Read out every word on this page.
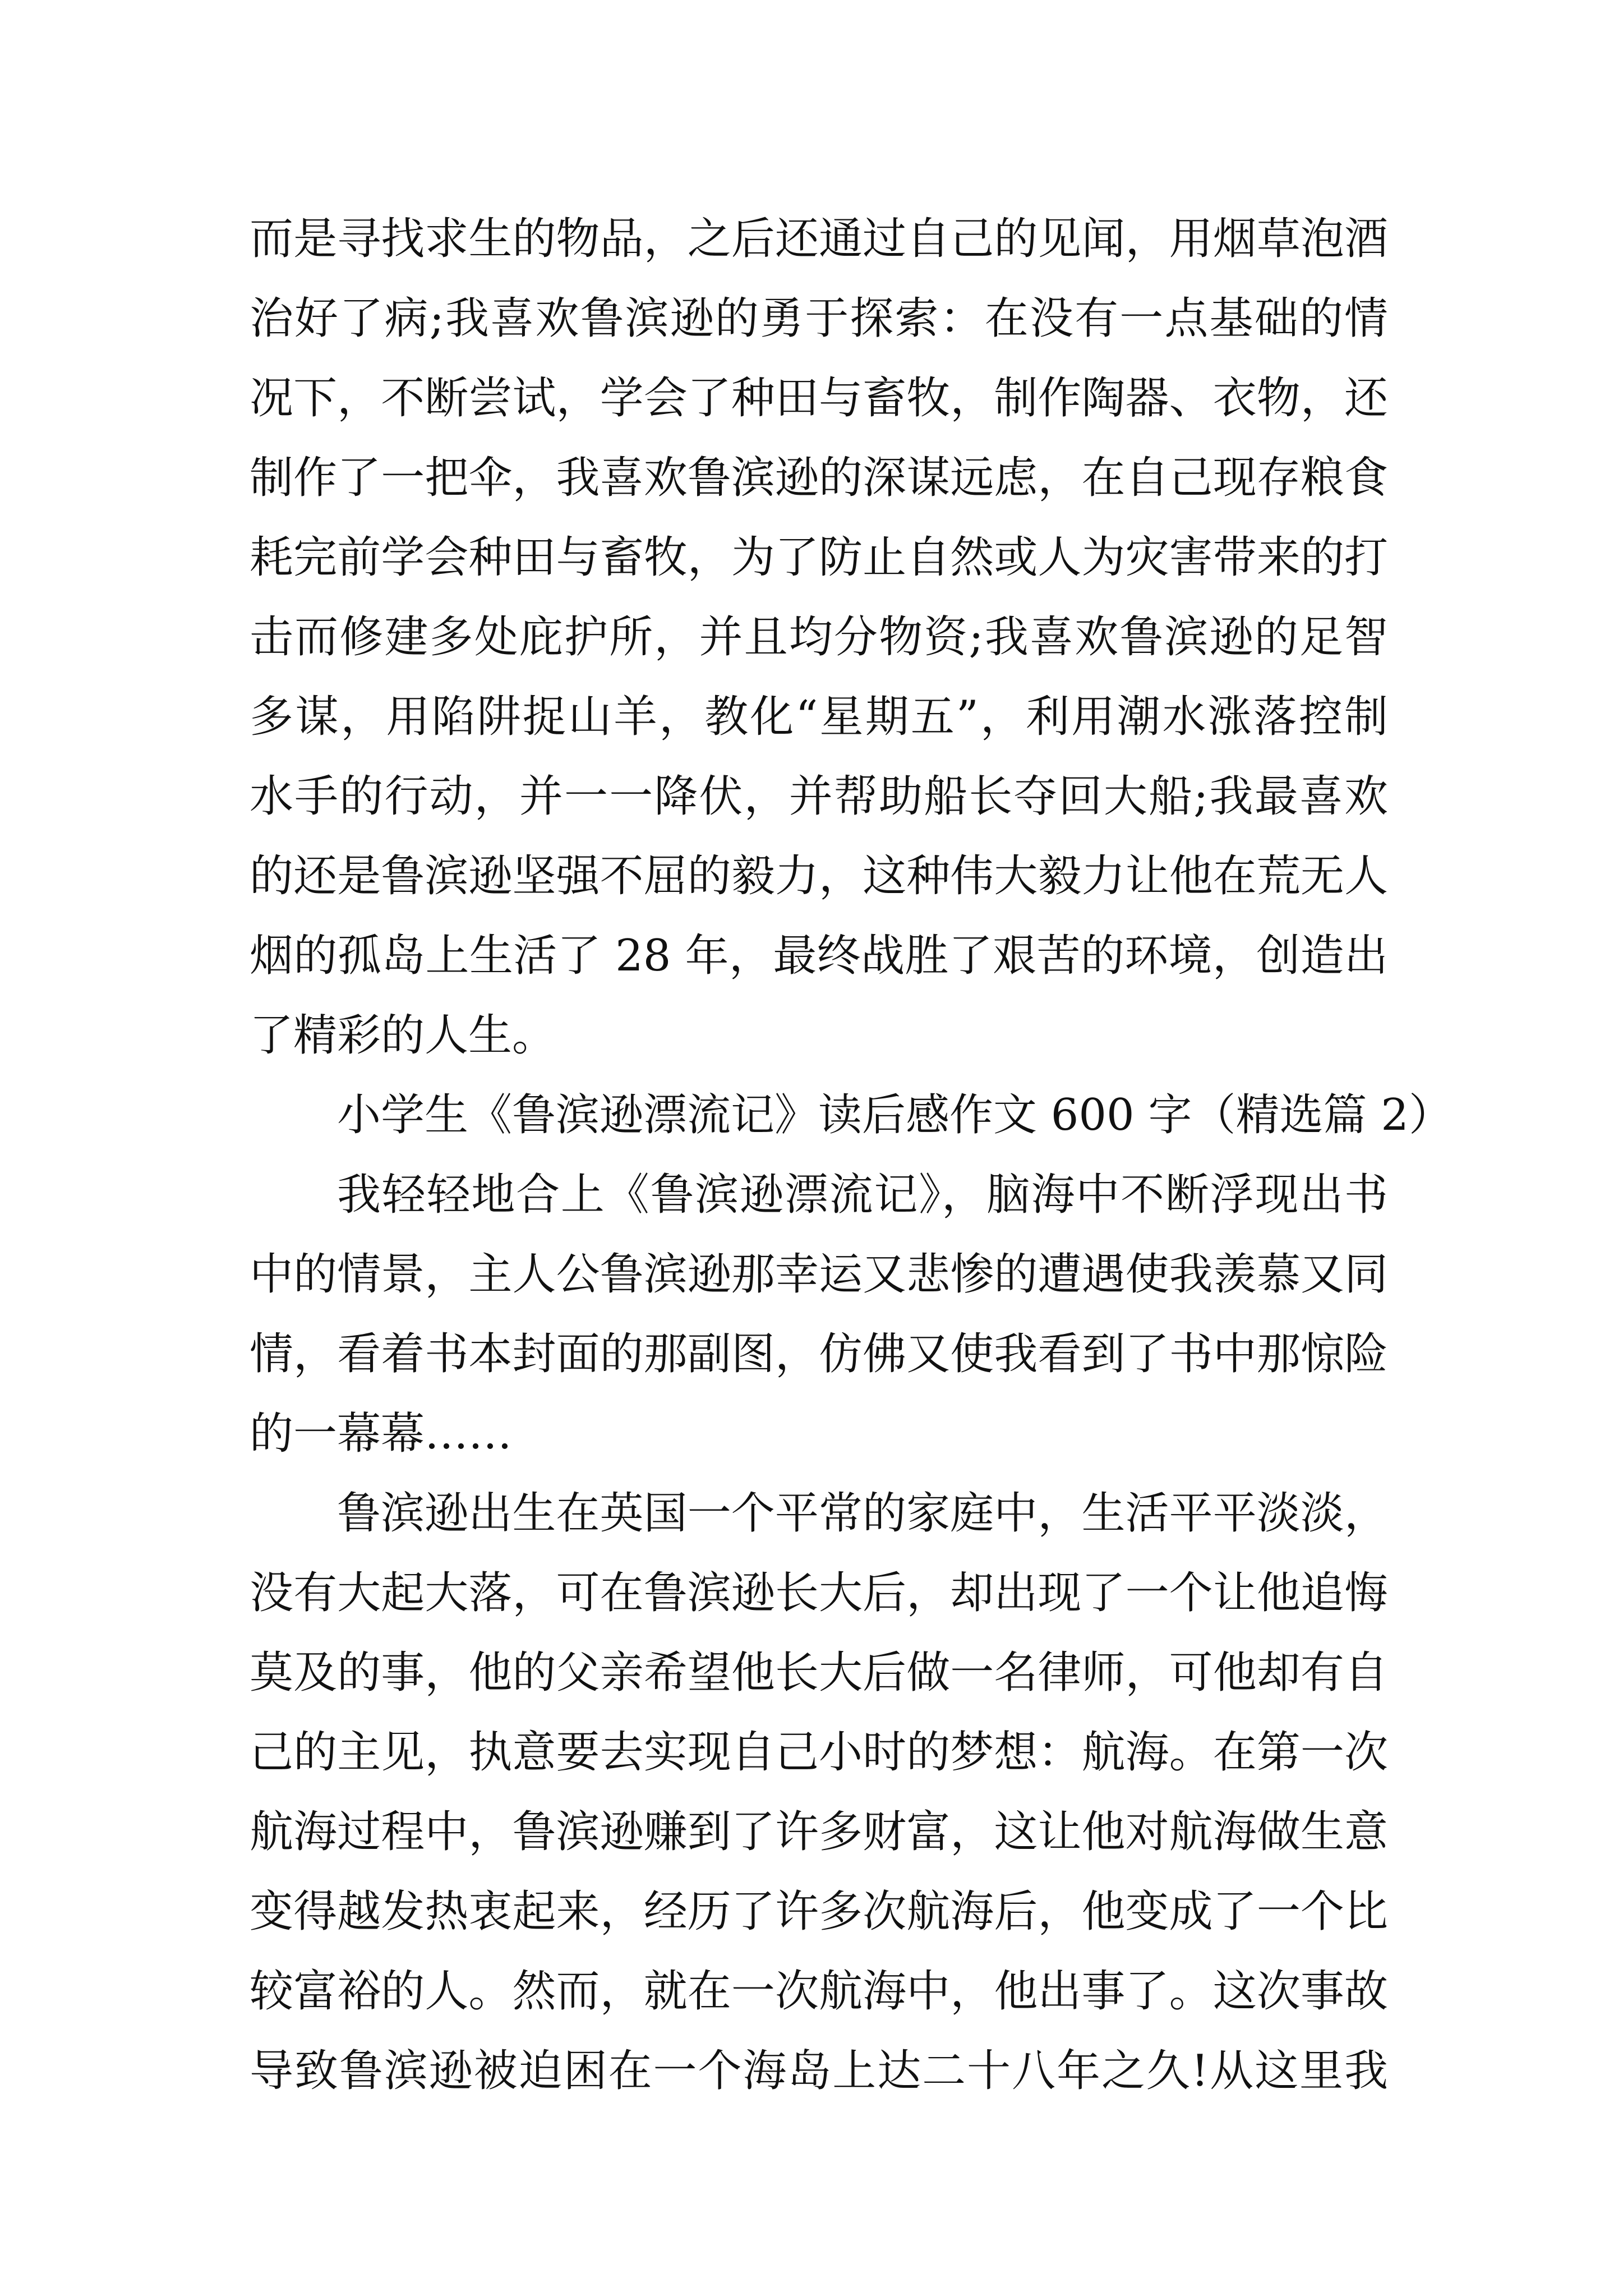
而是寻找求生的物品，之后还通过自己的见闻，用烟草泡酒
治好了病;我喜欢鲁滨逊的勇于探索：在没有一点基础的情
况下，不断尝试，学会了种田与畜牧，制作陶器、衣物，还
制作了一把伞，我喜欢鲁滨逊的深谋远虑，在自己现存粮食
耗完前学会种田与畜牧，为了防止自然或人为灾害带来的打
击而修建多处庇护所，并且均分物资;我喜欢鲁滨逊的足智
多谋，用陷阱捉山羊，教化“星期五”，利用潮水涨落控制
水手的行动，并一一降伏，并帮助船长夺回大船;我最喜欢
的还是鲁滨逊坚强不屈的毅力，这种伟大毅力让他在荒无人
烟的孤岛上生活了 28 年，最终战胜了艰苦的环境，创造出
了精彩的人生。
小学生《鲁滨逊漂流记》读后感作文 600 字（精选篇 2）
我轻轻地合上《鲁滨逊漂流记》，脑海中不断浮现出书
中的情景，主人公鲁滨逊那幸运又悲惨的遭遇使我羡慕又同
情，看着书本封面的那副图，仿佛又使我看到了书中那惊险
的一幕幕……
鲁滨逊出生在英国一个平常的家庭中，生活平平淡淡，
没有大起大落，可在鲁滨逊长大后，却出现了一个让他追悔
莫及的事，他的父亲希望他长大后做一名律师，可他却有自
己的主见，执意要去实现自己小时的梦想：航海。在第一次
航海过程中，鲁滨逊赚到了许多财富，这让他对航海做生意
变得越发热衷起来，经历了许多次航海后，他变成了一个比
较富裕的人。然而，就在一次航海中，他出事了。这次事故
导致鲁滨逊被迫困在一个海岛上达二十八年之久!从这里我
